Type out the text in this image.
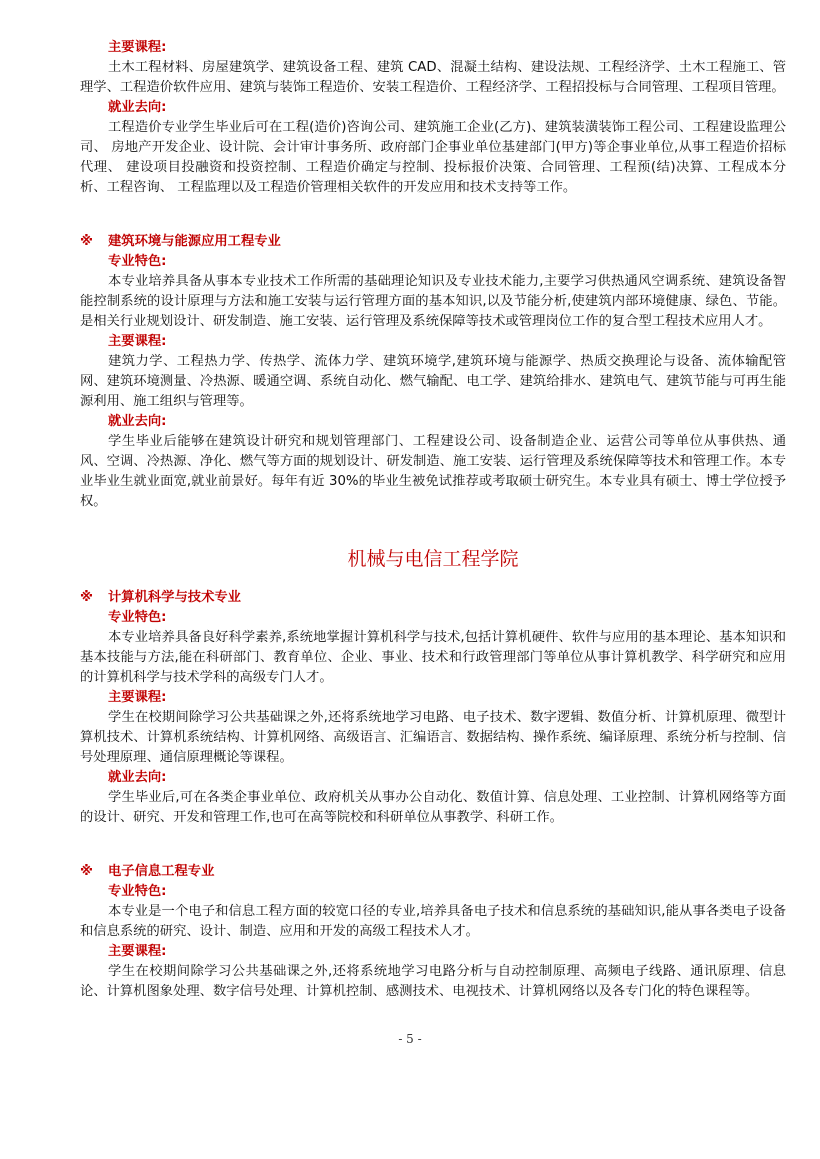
主要课程:

土木工程材料、房屋建筑学、建筑设备工程、建筑 CAD、混凝土结构、建设法规、工程经济学、土木工程施工、管理学、工程造价软件应用、建筑与装饰工程造价、安装工程造价、工程经济学、工程招投标与合同管理、工程项目管理。

就业去向:

工程造价专业学生毕业后可在工程(造价)咨询公司、建筑施工企业(乙方)、建筑装潢装饰工程公司、工程建设监理公司、 房地产开发企业、设计院、会计审计事务所、政府部门企事业单位基建部门(甲方)等企事业单位,从事工程造价招标代理、 建设项目投融资和投资控制、工程造价确定与控制、投标报价决策、合同管理、工程预(结)决算、工程成本分析、工程咨询、 工程监理以及工程造价管理相关软件的开发应用和技术支持等工作。

※ 建筑环境与能源应用工程专业
专业特色:

本专业培养具备从事本专业技术工作所需的基础理论知识及专业技术能力,主要学习供热通风空调系统、建筑设备智能控制系统的设计原理与方法和施工安装与运行管理方面的基本知识,以及节能分析,使建筑内部环境健康、绿色、节能。是相关行业规划设计、研发制造、施工安装、运行管理及系统保障等技术或管理岗位工作的复合型工程技术应用人才。

主要课程:

建筑力学、工程热力学、传热学、流体力学、建筑环境学,建筑环境与能源学、热质交换理论与设备、流体输配管网、建筑环境测量、冷热源、暖通空调、系统自动化、燃气输配、电工学、建筑给排水、建筑电气、建筑节能与可再生能源利用、施工组织与管理等。

就业去向:

学生毕业后能够在建筑设计研究和规划管理部门、工程建设公司、设备制造企业、运营公司等单位从事供热、通风、空调、冷热源、净化、燃气等方面的规划设计、研发制造、施工安装、运行管理及系统保障等技术和管理工作。本专业毕业生就业面宽,就业前景好。每年有近 30%的毕业生被免试推荐或考取硕士研究生。本专业具有硕士、博士学位授予权。

机械与电信工程学院
※ 计算机科学与技术专业
专业特色:

本专业培养具备良好科学素养,系统地掌握计算机科学与技术,包括计算机硬件、软件与应用的基本理论、基本知识和基本技能与方法,能在科研部门、教育单位、企业、事业、技术和行政管理部门等单位从事计算机教学、科学研究和应用的计算机科学与技术学科的高级专门人才。

主要课程:

学生在校期间除学习公共基础课之外,还将系统地学习电路、电子技术、数字逻辑、数值分析、计算机原理、微型计算机技术、计算机系统结构、计算机网络、高级语言、汇编语言、数据结构、操作系统、编译原理、系统分析与控制、信号处理原理、通信原理概论等课程。

就业去向:

学生毕业后,可在各类企事业单位、政府机关从事办公自动化、数值计算、信息处理、工业控制、计算机网络等方面的设计、研究、开发和管理工作,也可在高等院校和科研单位从事教学、科研工作。

※ 电子信息工程专业
专业特色:

本专业是一个电子和信息工程方面的较宽口径的专业,培养具备电子技术和信息系统的基础知识,能从事各类电子设备和信息系统的研究、设计、制造、应用和开发的高级工程技术人才。

主要课程:

学生在校期间除学习公共基础课之外,还将系统地学习电路分析与自动控制原理、高频电子线路、通讯原理、信息论、计算机图象处理、数字信号处理、计算机控制、感测技术、电视技术、计算机网络以及各专门化的特色课程等。

- 5 -
